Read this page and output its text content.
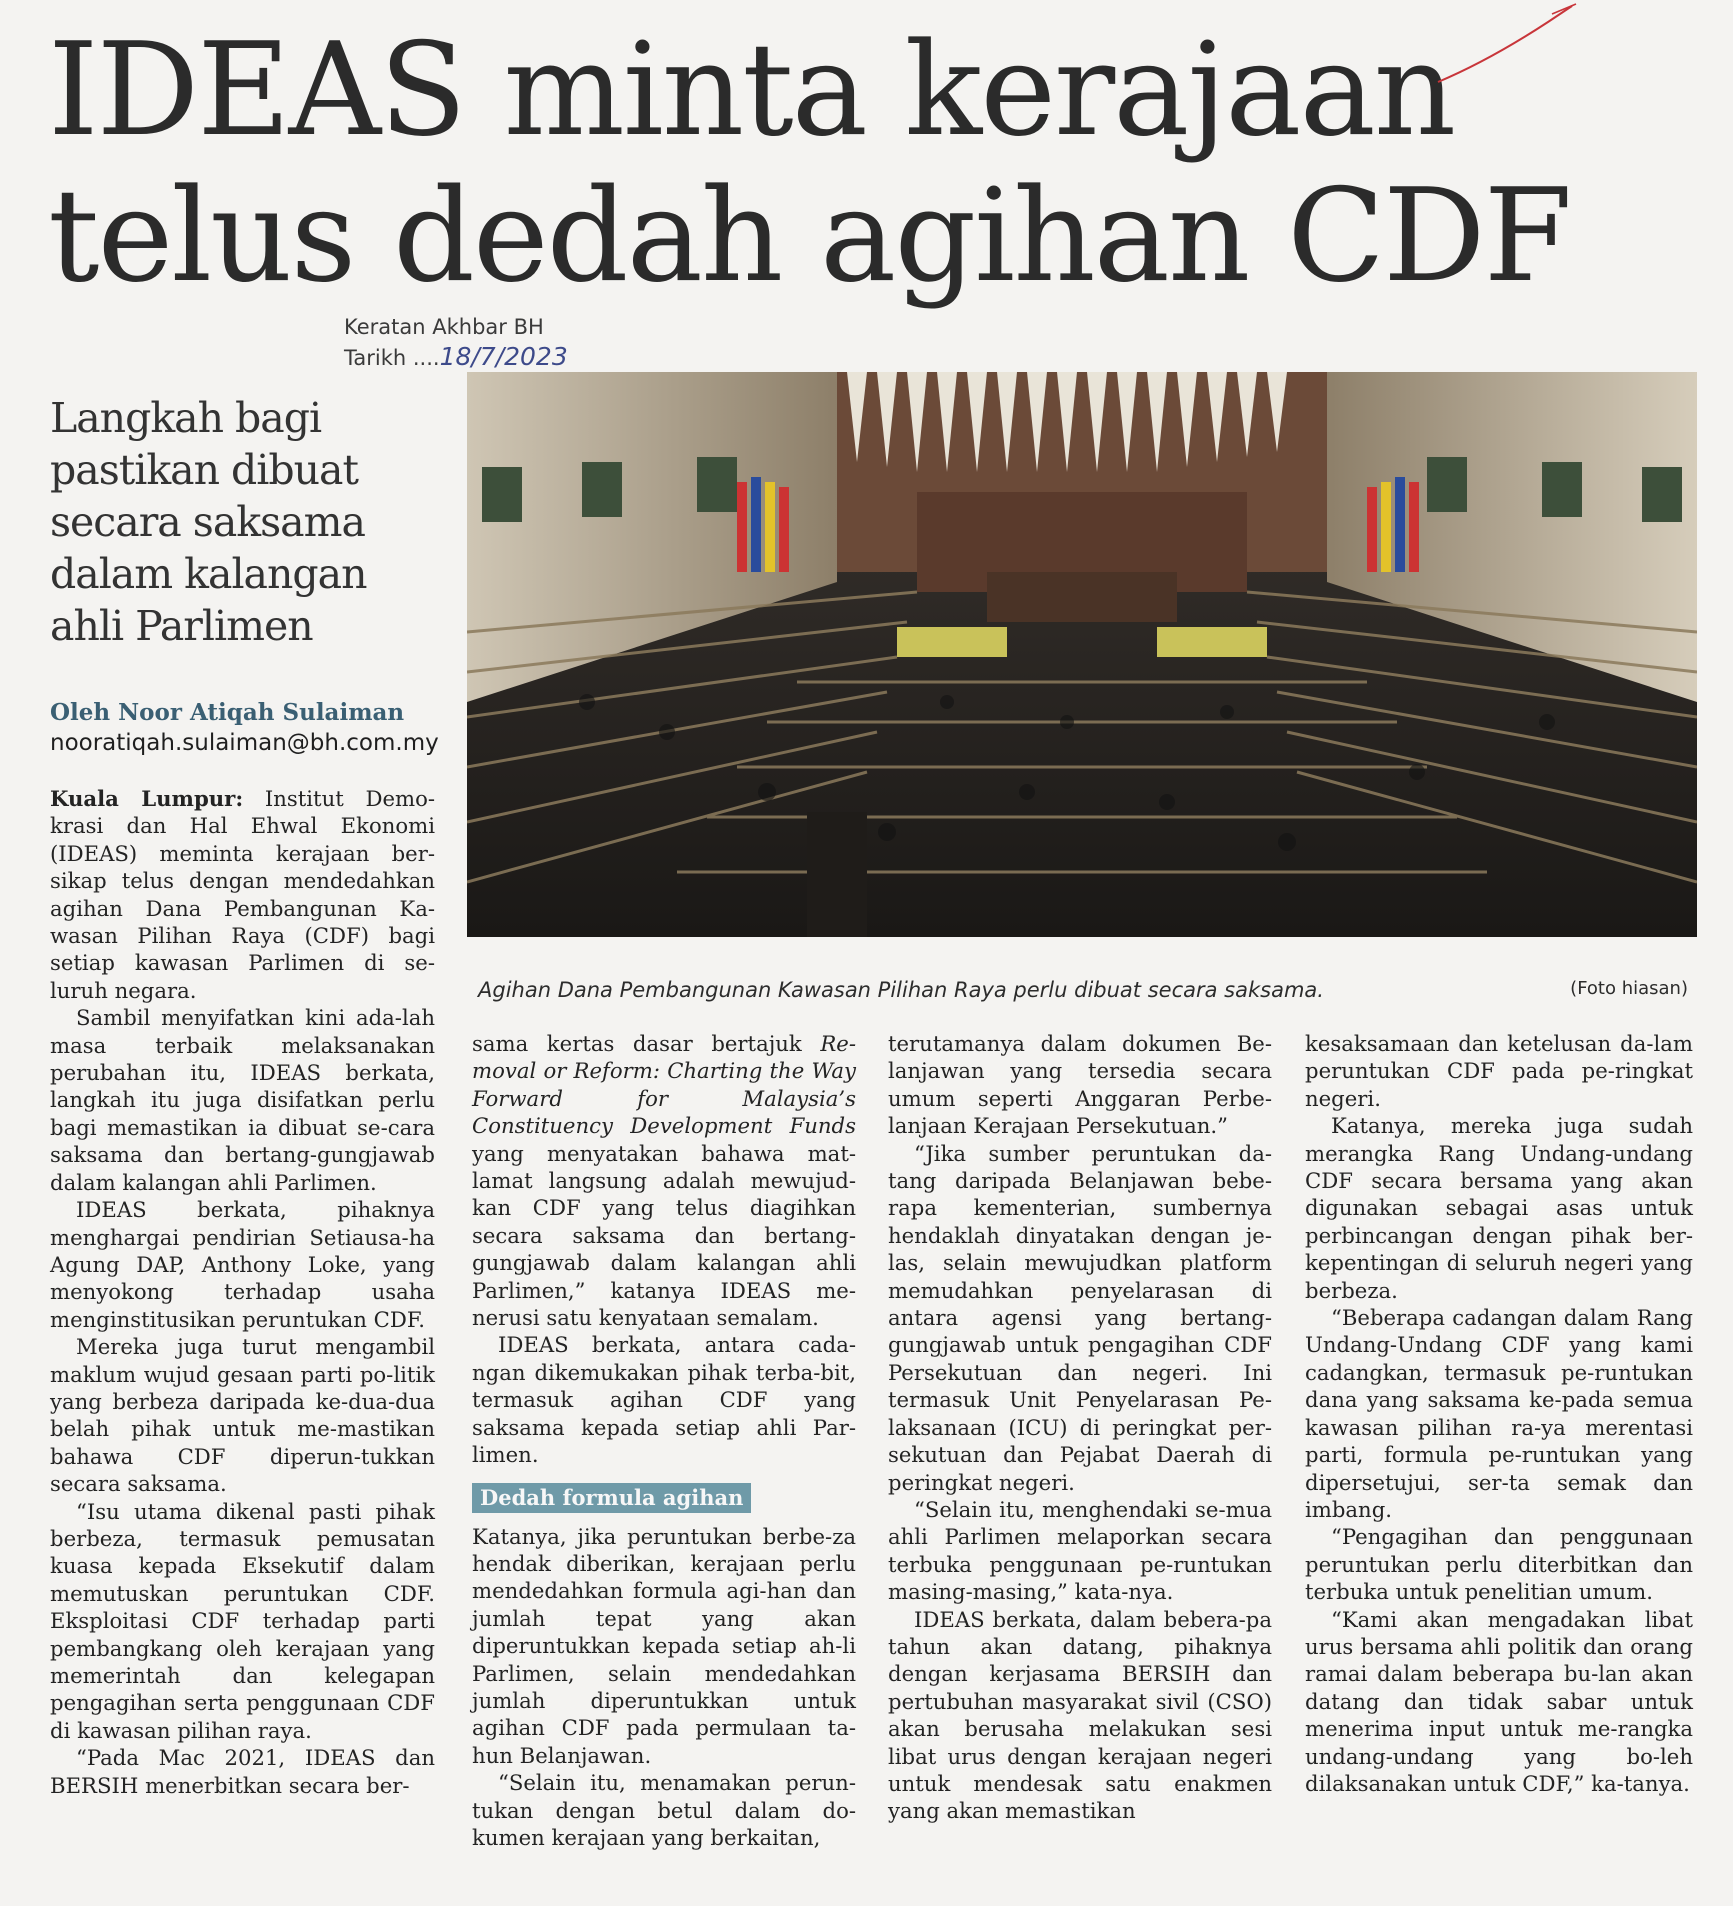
IDEAS minta kerajaan
telus dedah agihan CDF
Keratan Akhbar BH
Tarikh ....18/7/2023
Langkah bagi pastikan dibuat secara saksama dalam kalangan ahli Parlimen
Oleh Noor Atiqah Sulaiman
nooratiqah.sulaiman@bh.com.my
Agihan Dana Pembangunan Kawasan Pilihan Raya perlu dibuat secara saksama.	(Foto hiasan)

Kuala Lumpur: Institut Demo-krasi dan Hal Ehwal Ekonomi (IDEAS) meminta kerajaan ber-sikap telus dengan mendedahkan agihan Dana Pembangunan Ka-wasan Pilihan Raya (CDF) bagi setiap kawasan Parlimen di se-luruh negara.

Sambil menyifatkan kini ada-lah masa terbaik melaksanakan perubahan itu, IDEAS berkata, langkah itu juga disifatkan perlu bagi memastikan ia dibuat se-cara saksama dan bertang-gungjawab dalam kalangan ahli Parlimen.

IDEAS berkata, pihaknya menghargai pendirian Setiausa-ha Agung DAP, Anthony Loke, yang menyokong terhadap usaha menginstitusikan peruntukan CDF.

Mereka juga turut mengambil maklum wujud gesaan parti po-litik yang berbeza daripada ke-dua-dua belah pihak untuk me-mastikan bahawa CDF diperun-tukkan secara saksama.

“Isu utama dikenal pasti pihak berbeza, termasuk pemusatan kuasa kepada Eksekutif dalam memutuskan peruntukan CDF. Eksploitasi CDF terhadap parti pembangkang oleh kerajaan yang memerintah dan kelegapan pengagihan serta penggunaan CDF di kawasan pilihan raya.

“Pada Mac 2021, IDEAS dan BERSIH menerbitkan secara ber-

sama kertas dasar bertajuk Re-moval or Reform: Charting the Way Forward for Malaysia’s Constituency Development Funds yang menyatakan bahawa mat-lamat langsung adalah mewujud-kan CDF yang telus diagihkan secara saksama dan bertang-gungjawab dalam kalangan ahli Parlimen,” katanya IDEAS me-nerusi satu kenyataan semalam.

IDEAS berkata, antara cada-ngan dikemukakan pihak terba-bit, termasuk agihan CDF yang saksama kepada setiap ahli Par-limen.

Dedah formula agihan

Katanya, jika peruntukan berbe-za hendak diberikan, kerajaan perlu mendedahkan formula agi-han dan jumlah tepat yang akan diperuntukkan kepada setiap ah-li Parlimen, selain mendedahkan jumlah diperuntukkan untuk agihan CDF pada permulaan ta-hun Belanjawan.

“Selain itu, menamakan perun-tukan dengan betul dalam do-kumen kerajaan yang berkaitan,

terutamanya dalam dokumen Be-lanjawan yang tersedia secara umum seperti Anggaran Perbe-lanjaan Kerajaan Persekutuan.”

“Jika sumber peruntukan da-tang daripada Belanjawan bebe-rapa kementerian, sumbernya hendaklah dinyatakan dengan je-las, selain mewujudkan platform memudahkan penyelarasan di antara agensi yang bertang-gungjawab untuk pengagihan CDF Persekutuan dan negeri. Ini termasuk Unit Penyelarasan Pe-laksanaan (ICU) di peringkat per-sekutuan dan Pejabat Daerah di peringkat negeri.

“Selain itu, menghendaki se-mua ahli Parlimen melaporkan secara terbuka penggunaan pe-runtukan masing-masing,” kata-nya.

IDEAS berkata, dalam bebera-pa tahun akan datang, pihaknya dengan kerjasama BERSIH dan pertubuhan masyarakat sivil (CSO) akan berusaha melakukan sesi libat urus dengan kerajaan negeri untuk mendesak satu enakmen yang akan memastikan

kesaksamaan dan ketelusan da-lam peruntukan CDF pada pe-ringkat negeri.

Katanya, mereka juga sudah merangka Rang Undang-undang CDF secara bersama yang akan digunakan sebagai asas untuk perbincangan dengan pihak ber-kepentingan di seluruh negeri yang berbeza.

“Beberapa cadangan dalam Rang Undang-Undang CDF yang kami cadangkan, termasuk pe-runtukan dana yang saksama ke-pada semua kawasan pilihan ra-ya merentasi parti, formula pe-runtukan yang dipersetujui, ser-ta semak dan imbang.

“Pengagihan dan penggunaan peruntukan perlu diterbitkan dan terbuka untuk penelitian umum.

“Kami akan mengadakan libat urus bersama ahli politik dan orang ramai dalam beberapa bu-lan akan datang dan tidak sabar untuk menerima input untuk me-rangka undang-undang yang bo-leh dilaksanakan untuk CDF,” ka-tanya.
